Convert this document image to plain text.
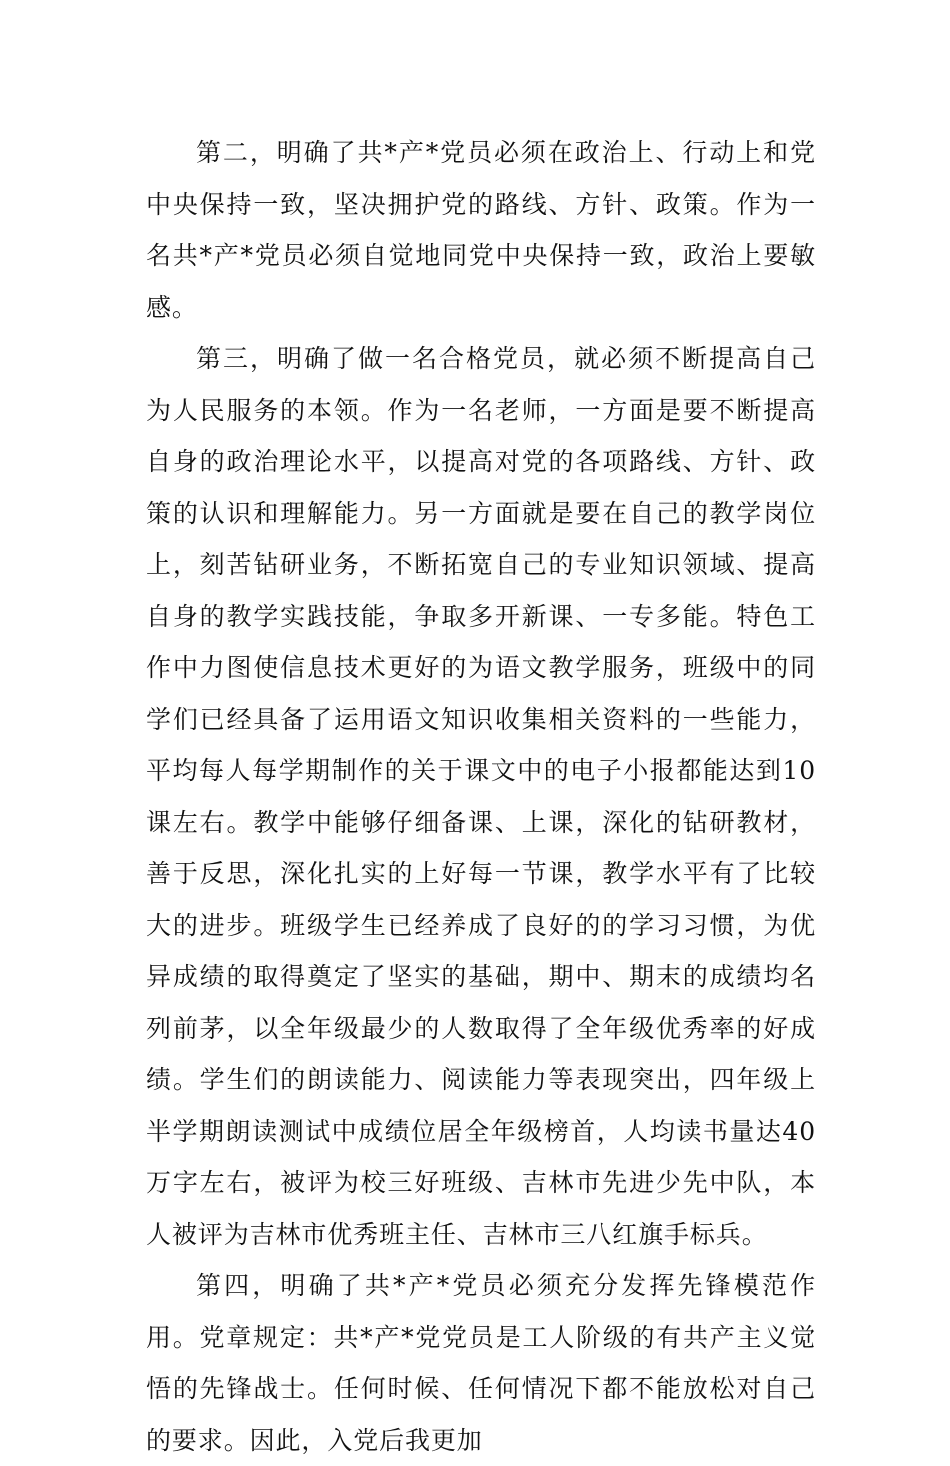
第二，明确了共*产*党员必须在政治上、行动上和党中央保持一致，坚决拥护党的路线、方针、政策。作为一名共*产*党员必须自觉地同党中央保持一致，政治上要敏感。

第三，明确了做一名合格党员，就必须不断提高自己为人民服务的本领。作为一名老师，一方面是要不断提高自身的政治理论水平，以提高对党的各项路线、方针、政策的认识和理解能力。另一方面就是要在自己的教学岗位上，刻苦钻研业务，不断拓宽自己的专业知识领域、提高自身的教学实践技能，争取多开新课、一专多能。特色工作中力图使信息技术更好的为语文教学服务，班级中的同学们已经具备了运用语文知识收集相关资料的一些能力，平均每人每学期制作的关于课文中的电子小报都能达到10课左右。教学中能够仔细备课、上课，深化的钻研教材，善于反思，深化扎实的上好每一节课，教学水平有了比较大的进步。班级学生已经养成了良好的的学习习惯，为优异成绩的取得奠定了坚实的基础，期中、期末的成绩均名列前茅，以全年级最少的人数取得了全年级优秀率的好成绩。学生们的朗读能力、阅读能力等表现突出，四年级上半学期朗读测试中成绩位居全年级榜首，人均读书量达40万字左右，被评为校三好班级、吉林市先进少先中队，本人被评为吉林市优秀班主任、吉林市三八红旗手标兵。

第四，明确了共*产*党员必须充分发挥先锋模范作用。党章规定：共*产*党党员是工人阶级的有共产主义觉悟的先锋战士。任何时候、任何情况下都不能放松对自己的要求。因此，入党后我更加
